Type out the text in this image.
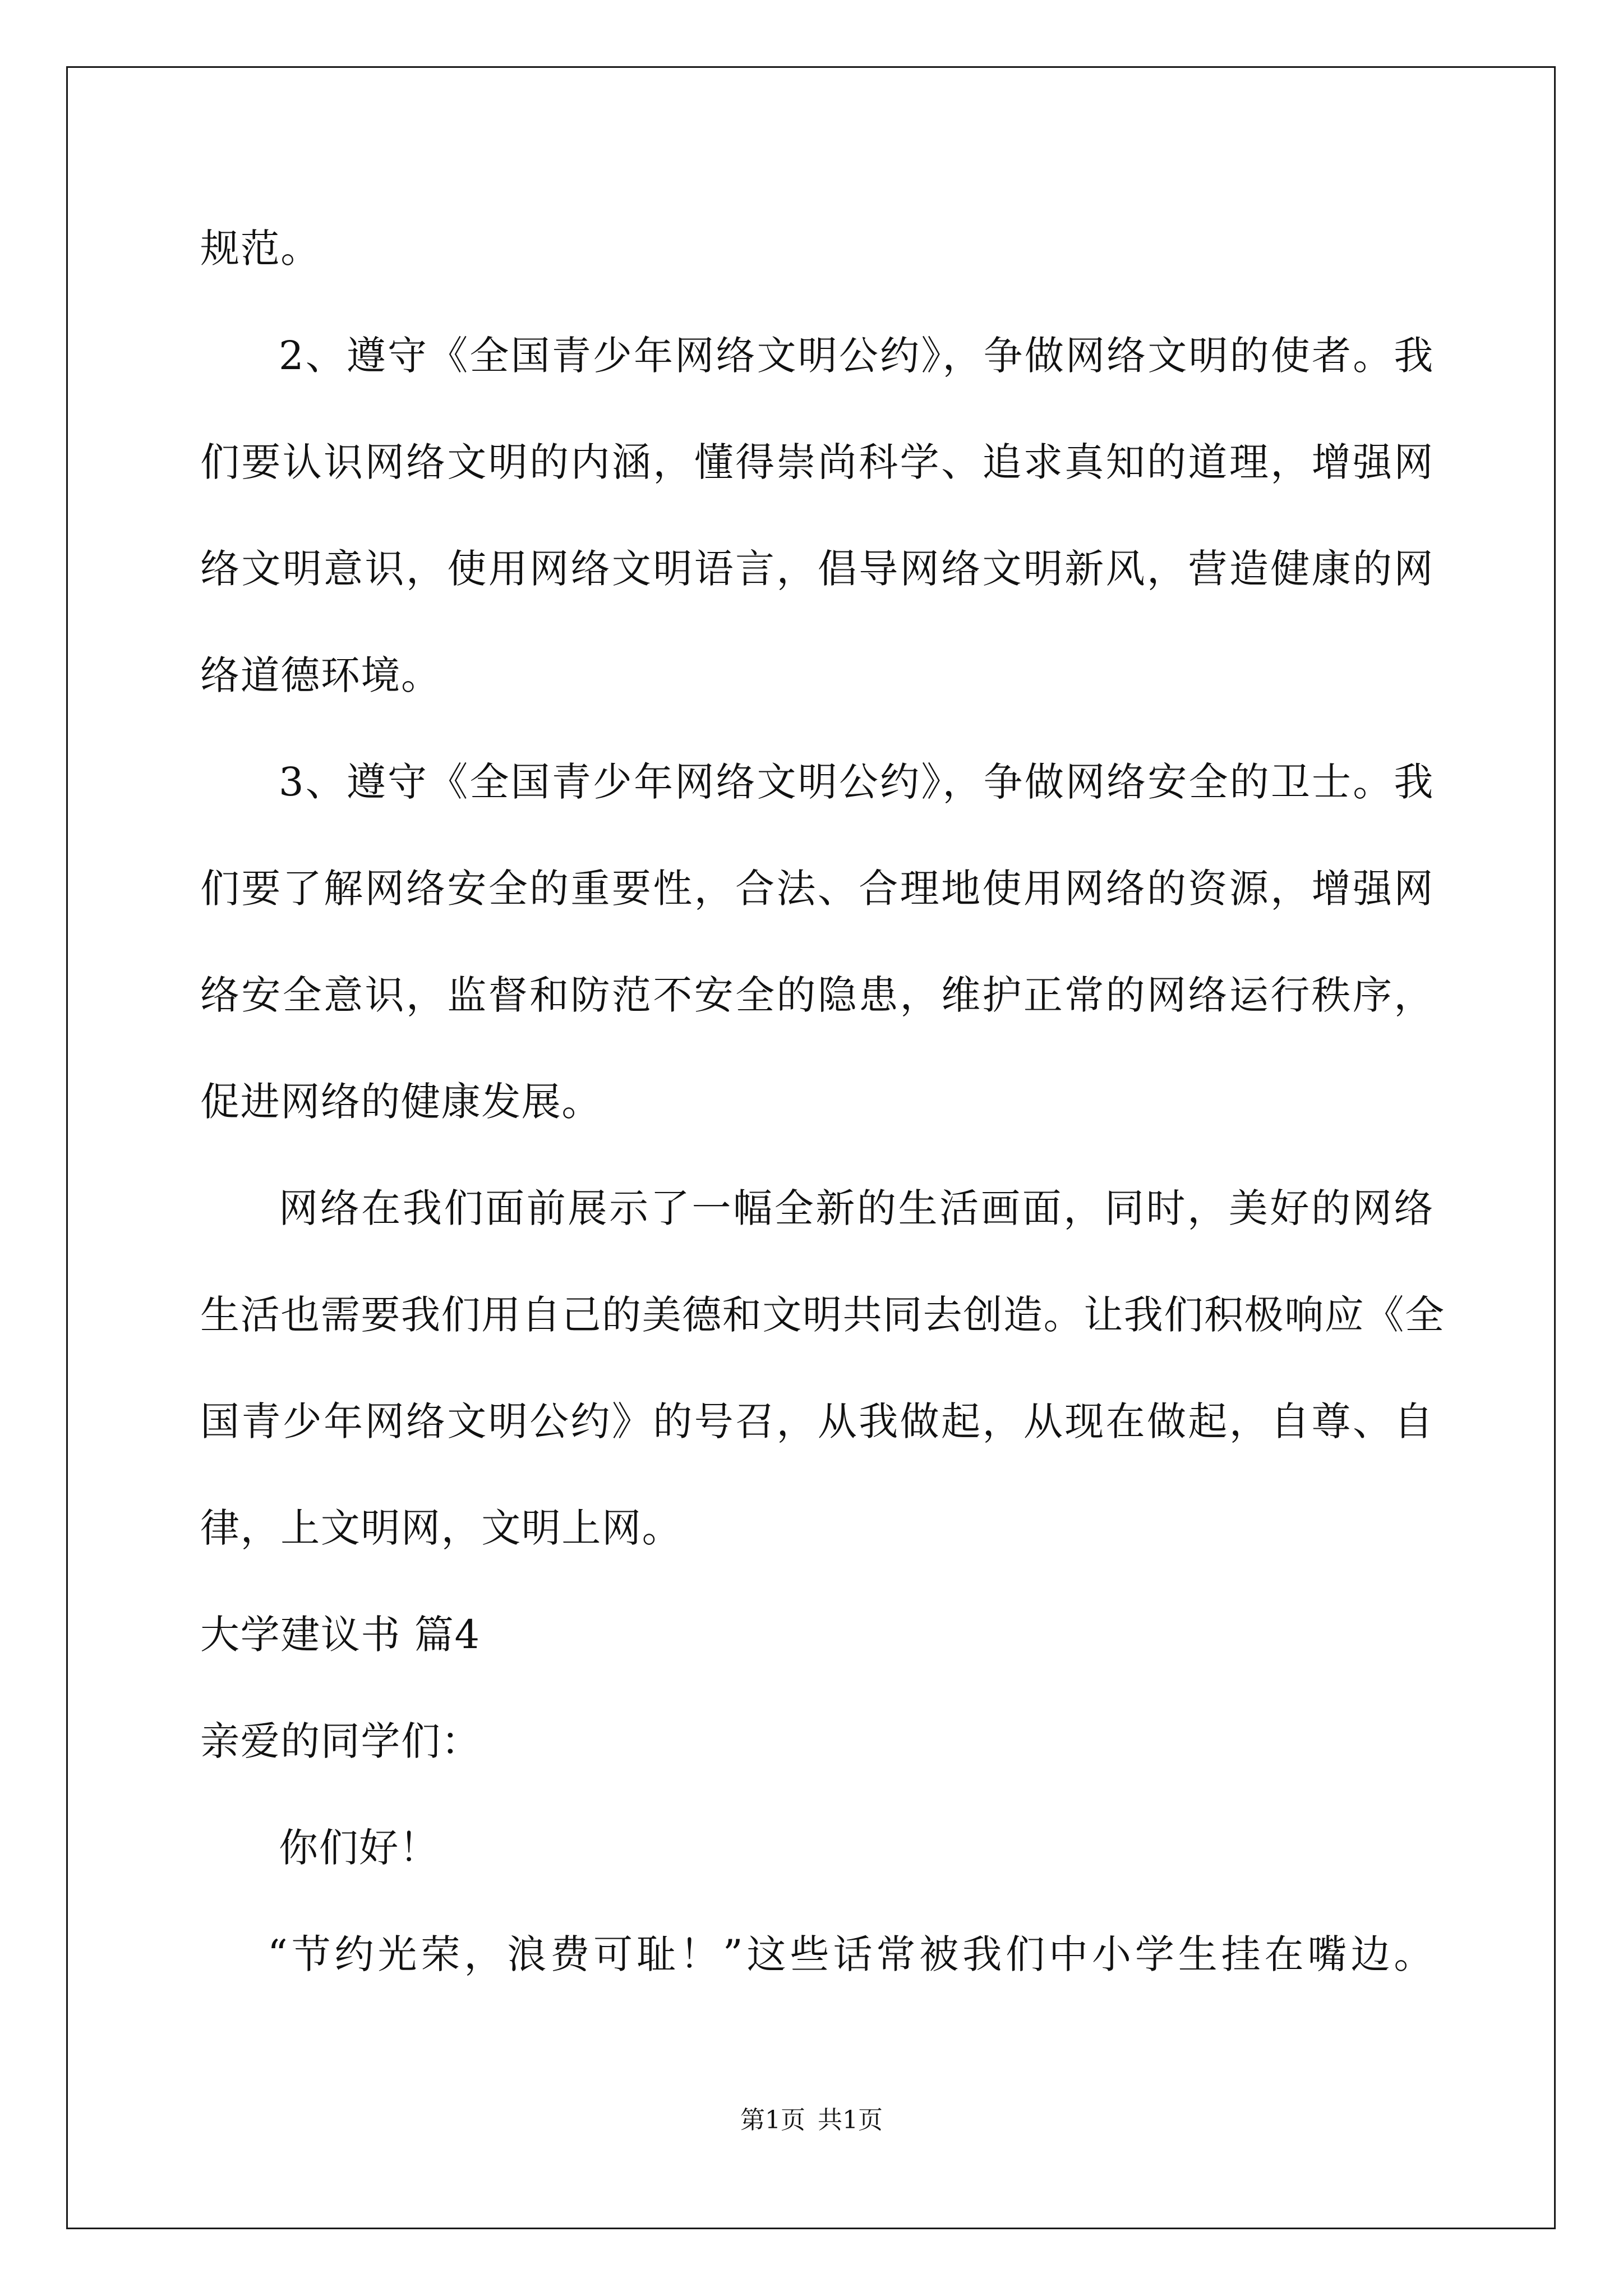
规范。

2、遵守《全国青少年网络文明公约》，争做网络文明的使者。我

们要认识网络文明的内涵，懂得崇尚科学、追求真知的道理，增强网

络文明意识，使用网络文明语言，倡导网络文明新风，营造健康的网

络道德环境。

3、遵守《全国青少年网络文明公约》，争做网络安全的卫士。我

们要了解网络安全的重要性，合法、合理地使用网络的资源，增强网

络安全意识，监督和防范不安全的隐患，维护正常的网络运行秩序，

促进网络的健康发展。

网络在我们面前展示了一幅全新的生活画面，同时，美好的网络

生活也需要我们用自己的美德和文明共同去创造。让我们积极响应《全

国青少年网络文明公约》的号召，从我做起，从现在做起，自尊、自

律，上文明网，文明上网。

大学建议书 篇4

亲爱的同学们：

你们好！

“节约光荣，浪费可耻！”这些话常被我们中小学生挂在嘴边。

第1页 共1页
